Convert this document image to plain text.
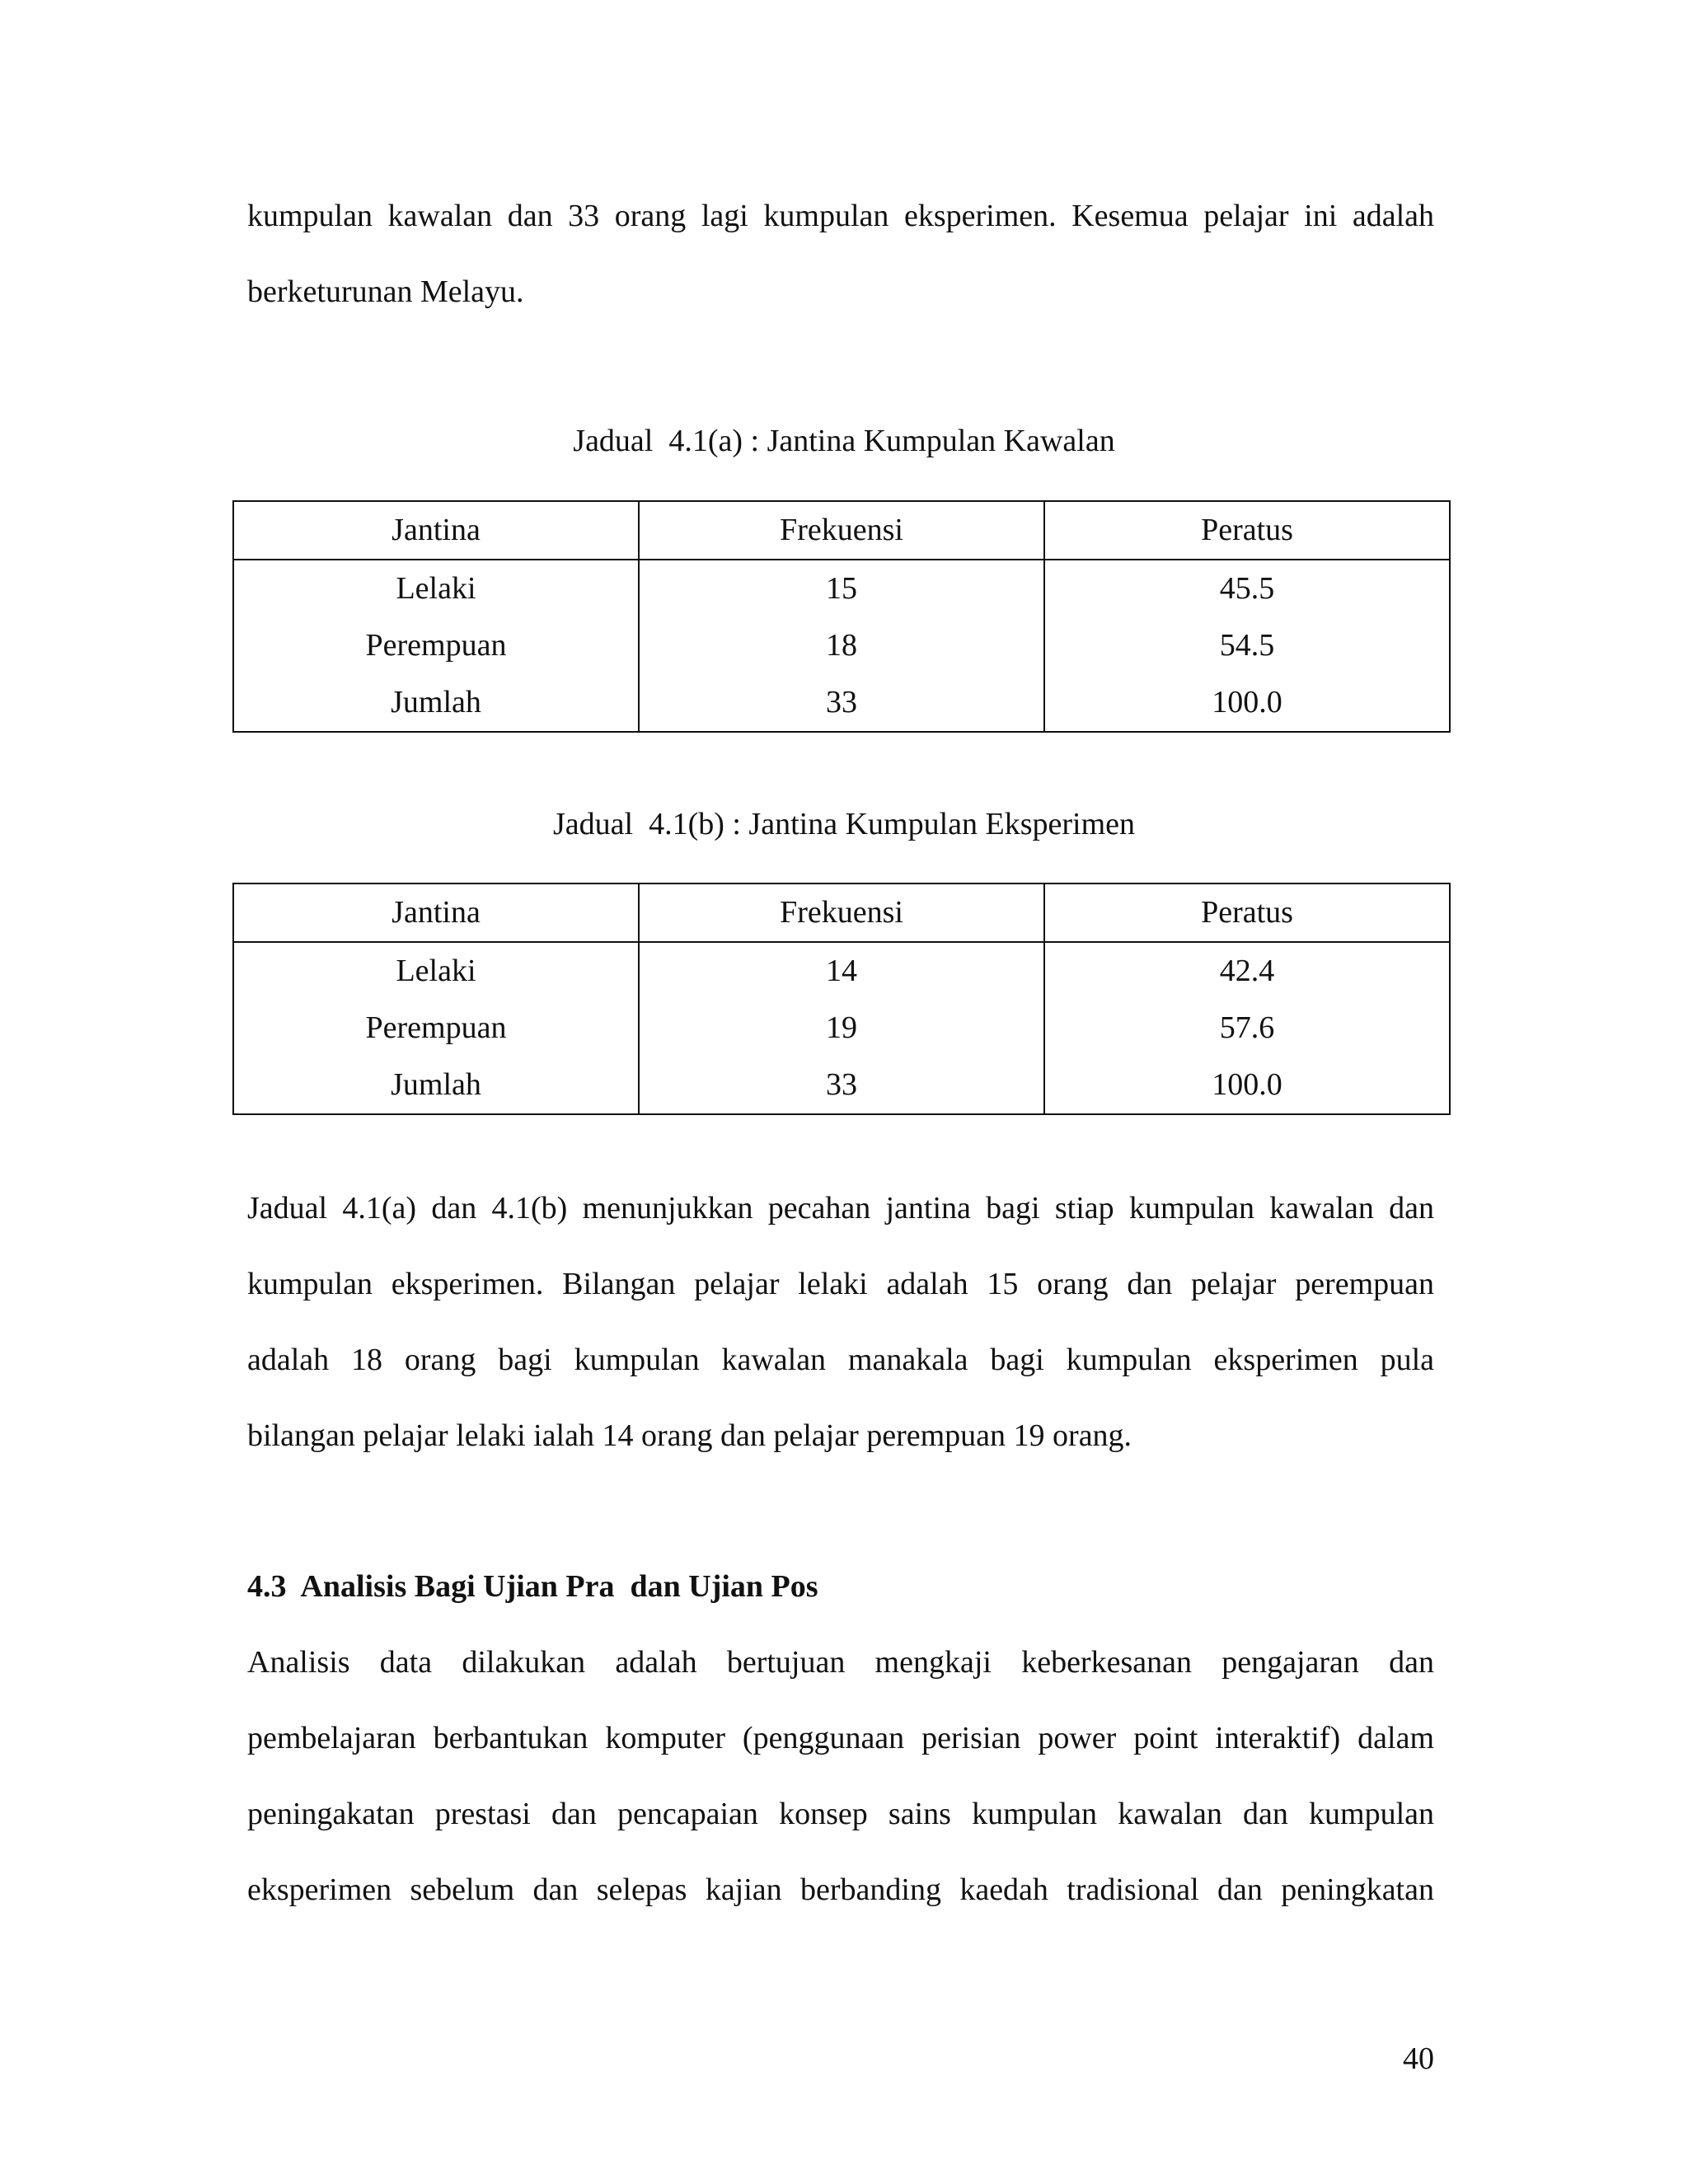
kumpulan kawalan dan 33 orang lagi kumpulan eksperimen. Kesemua pelajar ini adalah
berketurunan Melayu.
Jadual  4.1(a) : Jantina Kumpulan Kawalan
Jantina	Frekuensi	Peratus
Lelaki	15	45.5
Perempuan	18	54.5
Jumlah	33	100.0
Jadual  4.1(b) : Jantina Kumpulan Eksperimen
Jantina	Frekuensi	Peratus
Lelaki	14	42.4
Perempuan	19	57.6
Jumlah	33	100.0
Jadual 4.1(a) dan 4.1(b) menunjukkan pecahan jantina bagi stiap kumpulan kawalan dan
kumpulan eksperimen. Bilangan pelajar lelaki adalah 15 orang dan pelajar perempuan
adalah 18 orang bagi kumpulan kawalan manakala bagi kumpulan eksperimen pula
bilangan pelajar lelaki ialah 14 orang dan pelajar perempuan 19 orang.
4.3  Analisis Bagi Ujian Pra  dan Ujian Pos
Analisis data dilakukan adalah bertujuan mengkaji keberkesanan pengajaran dan
pembelajaran berbantukan komputer (penggunaan perisian power point interaktif) dalam
peningakatan prestasi dan pencapaian konsep sains kumpulan kawalan dan kumpulan
eksperimen sebelum dan selepas kajian berbanding kaedah tradisional dan peningkatan
40
